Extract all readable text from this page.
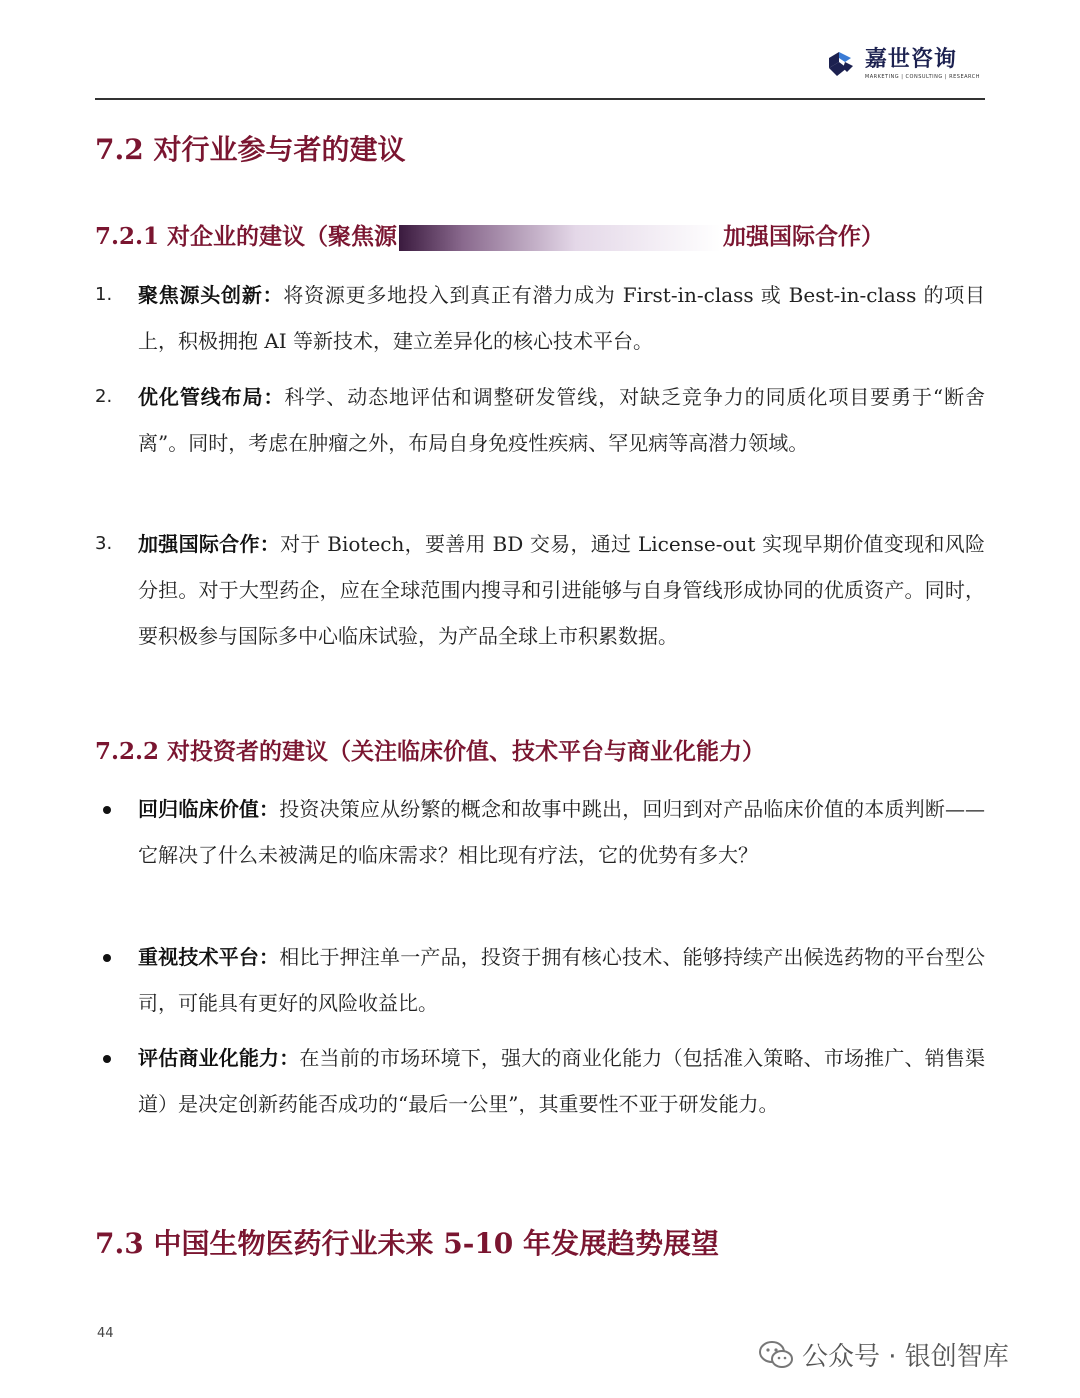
嘉世咨询
MARKETING | CONSULTING | RESEARCH
7.2 对行业参与者的建议
7.2.1 对企业的建议（聚焦源	加强国际合作）
1.	聚焦源头创新：将资源更多地投入到真正有潜力成为 First-in-class 或 Best-in-class 的项目上，积极拥抱 AI 等新技术，建立差异化的核心技术平台。
2.	优化管线布局：科学、动态地评估和调整研发管线，对缺乏竞争力的同质化项目要勇于“断舍离”。同时，考虑在肿瘤之外，布局自身免疫性疾病、罕见病等高潜力领域。
3.	加强国际合作：对于 Biotech，要善用 BD 交易，通过 License-out 实现早期价值变现和风险分担。对于大型药企，应在全球范围内搜寻和引进能够与自身管线形成协同的优质资产。同时，要积极参与国际多中心临床试验，为产品全球上市积累数据。
7.2.2 对投资者的建议（关注临床价值、技术平台与商业化能力）
回归临床价值：投资决策应从纷繁的概念和故事中跳出，回归到对产品临床价值的本质判断——它解决了什么未被满足的临床需求？相比现有疗法，它的优势有多大？
重视技术平台：相比于押注单一产品，投资于拥有核心技术、能够持续产出候选药物的平台型公司，可能具有更好的风险收益比。
评估商业化能力：在当前的市场环境下，强大的商业化能力（包括准入策略、市场推广、销售渠道）是决定创新药能否成功的“最后一公里”，其重要性不亚于研发能力。
7.3 中国生物医药行业未来 5-10 年发展趋势展望
44
公众号 · 银创智库
